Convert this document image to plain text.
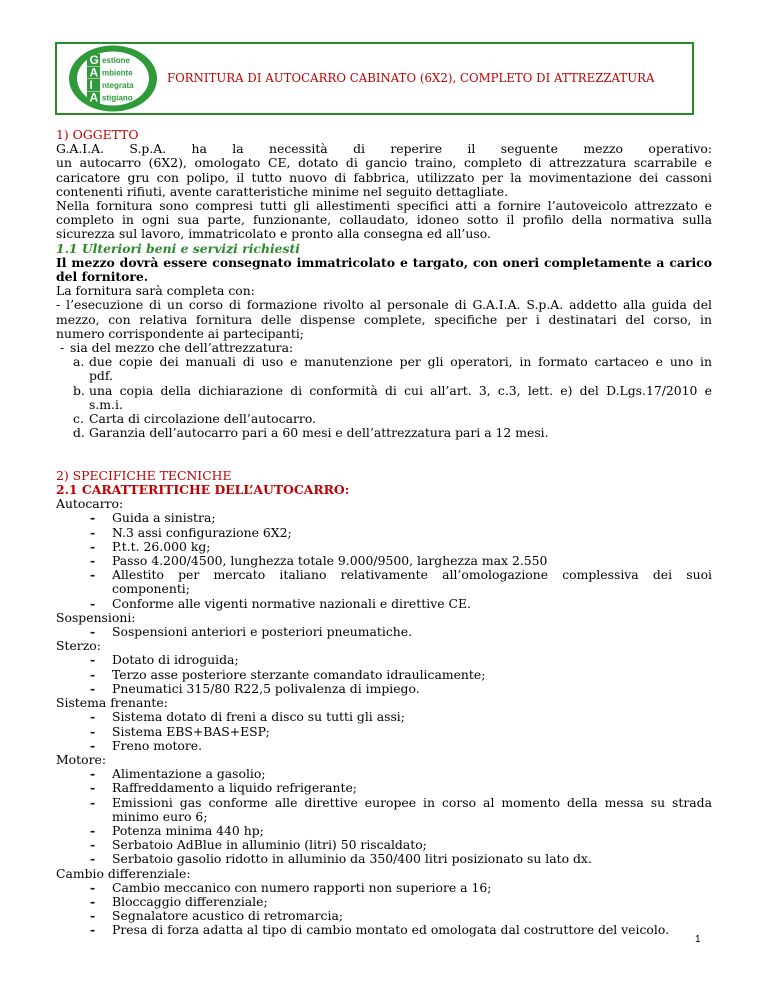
G estione
A mbiente
I ntegrata
A stigiano
FORNITURA DI AUTOCARRO CABINATO (6X2), COMPLETO DI ATTREZZATURA
1) OGGETTO
G.A.I.A. S.p.A. ha la necessità di reperire il seguente mezzo operativo:
un autocarro (6X2), omologato CE, dotato di gancio traino, completo di attrezzatura scarrabile e
caricatore gru con polipo, il tutto nuovo di fabbrica, utilizzato per la movimentazione dei cassoni
contenenti rifiuti, avente caratteristiche minime nel seguito dettagliate.
Nella fornitura sono compresi tutti gli allestimenti specifici atti a fornire l’autoveicolo attrezzato e
completo in ogni sua parte, funzionante, collaudato, idoneo sotto il profilo della normativa sulla
sicurezza sul lavoro, immatricolato e pronto alla consegna ed all’uso.
1.1 Ulteriori beni e servizi richiesti
Il mezzo dovrà essere consegnato immatricolato e targato, con oneri completamente a carico
del fornitore.
La fornitura sarà completa con:
- l’esecuzione di un corso di formazione rivolto al personale di G.A.I.A. S.p.A. addetto alla guida del
mezzo, con relativa fornitura delle dispense complete, specifiche per i destinatari del corso, in
numero corrispondente ai partecipanti;
- sia del mezzo che dell’attrezzatura:
a. due copie dei manuali di uso e manutenzione per gli operatori, in formato cartaceo e uno in
pdf.
b. una copia della dichiarazione di conformità di cui all’art. 3, c.3, lett. e) del D.Lgs.17/2010 e
s.m.i.
c. Carta di circolazione dell’autocarro.
d. Garanzia dell’autocarro pari a 60 mesi e dell’attrezzatura pari a 12 mesi.
2) SPECIFICHE TECNICHE
2.1 CARATTERITICHE DELL’AUTOCARRO:
Autocarro:
- Guida a sinistra;
- N.3 assi configurazione 6X2;
- P.t.t. 26.000 kg;
- Passo 4.200/4500, lunghezza totale 9.000/9500, larghezza max 2.550
- Allestito per mercato italiano relativamente all’omologazione complessiva dei suoi
componenti;
- Conforme alle vigenti normative nazionali e direttive CE.
Sospensioni:
- Sospensioni anteriori e posteriori pneumatiche.
Sterzo:
- Dotato di idroguida;
- Terzo asse posteriore sterzante comandato idraulicamente;
- Pneumatici 315/80 R22,5 polivalenza di impiego.
Sistema frenante:
- Sistema dotato di freni a disco su tutti gli assi;
- Sistema EBS+BAS+ESP;
- Freno motore.
Motore:
- Alimentazione a gasolio;
- Raffreddamento a liquido refrigerante;
- Emissioni gas conforme alle direttive europee in corso al momento della messa su strada
minimo euro 6;
- Potenza minima 440 hp;
- Serbatoio AdBlue in alluminio (litri) 50 riscaldato;
- Serbatoio gasolio ridotto in alluminio da 350/400 litri posizionato su lato dx.
Cambio differenziale:
- Cambio meccanico con numero rapporti non superiore a 16;
- Bloccaggio differenziale;
- Segnalatore acustico di retromarcia;
- Presa di forza adatta al tipo di cambio montato ed omologata dal costruttore del veicolo.
1
